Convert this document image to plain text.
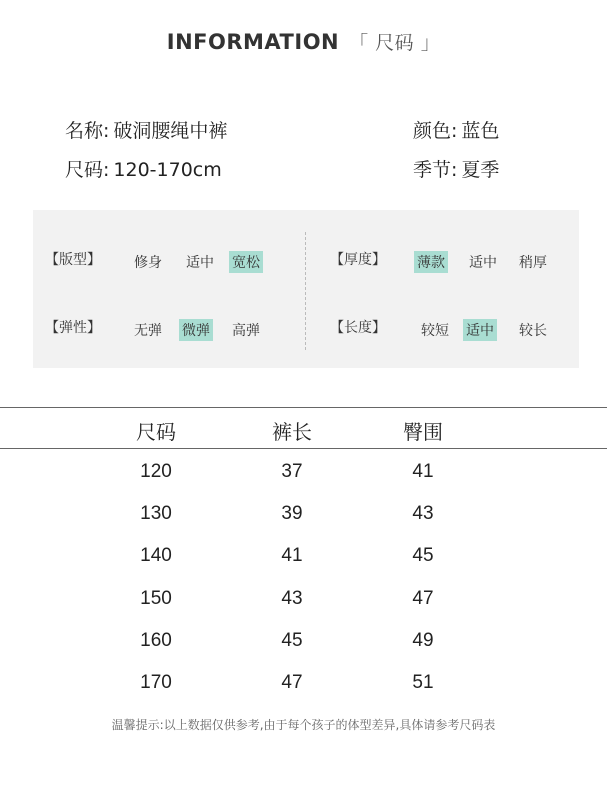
INFORMATION 「 尺码 」
名称: 破洞腰绳中裤	颜色: 蓝色
尺码: 120-170cm	季节: 夏季
【版型】 修身 适中 宽松
【弹性】 无弹 微弹 高弹
【厚度】 薄款 适中 稍厚
【长度】	较短 适中 较长
尺码	裤长	臀围
120	37	41
130	39	43
140	41	45
150	43	47
160	45	49
170	47	51
温馨提示:以上数据仅供参考,由于每个孩子的体型差异,具体请参考尺码表
